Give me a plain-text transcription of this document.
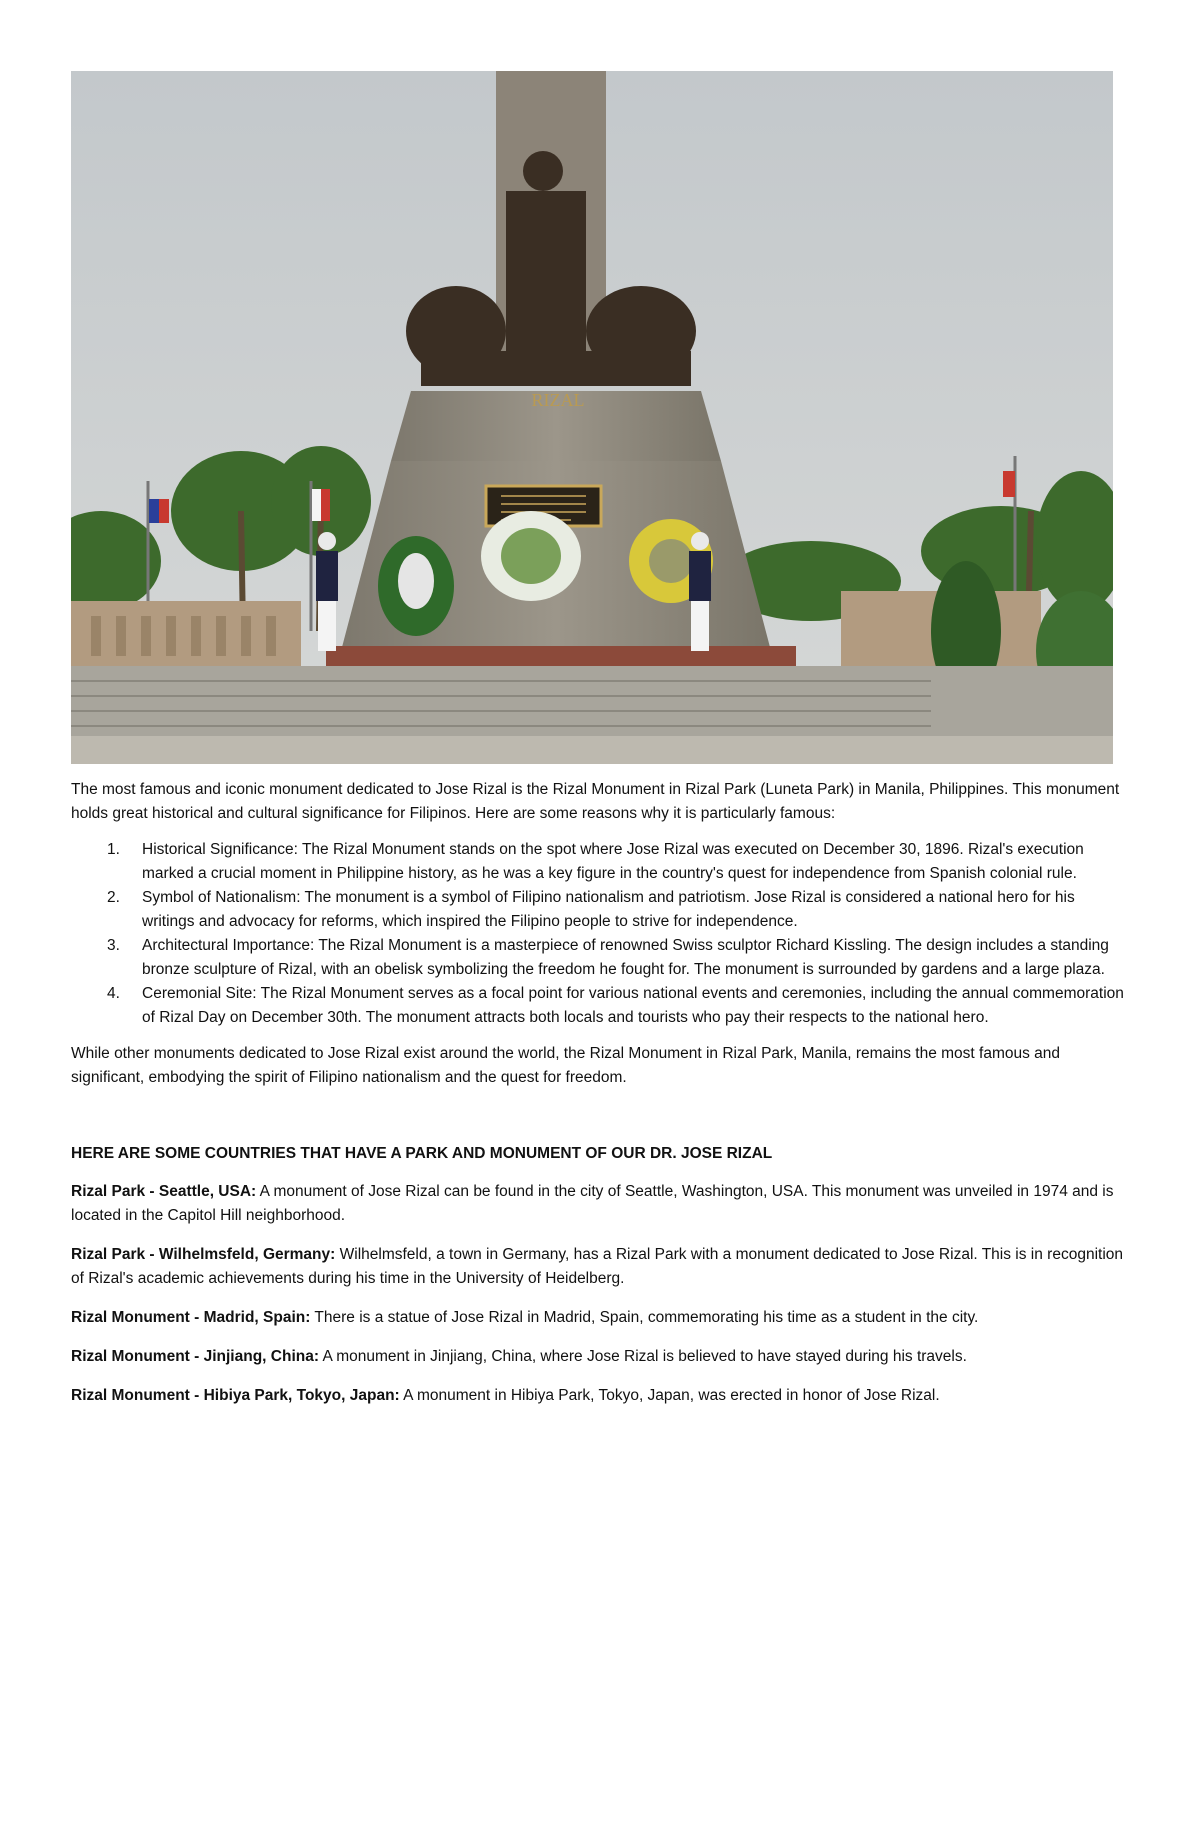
RIZAL

The most famous and iconic monument dedicated to Jose Rizal is the Rizal Monument in Rizal Park (Luneta Park) in Manila, Philippines. This monument holds great historical and cultural significance for Filipinos. Here are some reasons why it is particularly famous:

1. Historical Significance: The Rizal Monument stands on the spot where Jose Rizal was executed on December 30, 1896. Rizal's execution marked a crucial moment in Philippine history, as he was a key figure in the country's quest for independence from Spanish colonial rule.
2. Symbol of Nationalism: The monument is a symbol of Filipino nationalism and patriotism. Jose Rizal is considered a national hero for his writings and advocacy for reforms, which inspired the Filipino people to strive for independence.
3. Architectural Importance: The Rizal Monument is a masterpiece of renowned Swiss sculptor Richard Kissling. The design includes a standing bronze sculpture of Rizal, with an obelisk symbolizing the freedom he fought for. The monument is surrounded by gardens and a large plaza.
4. Ceremonial Site: The Rizal Monument serves as a focal point for various national events and ceremonies, including the annual commemoration of Rizal Day on December 30th. The monument attracts both locals and tourists who pay their respects to the national hero.

While other monuments dedicated to Jose Rizal exist around the world, the Rizal Monument in Rizal Park, Manila, remains the most famous and significant, embodying the spirit of Filipino nationalism and the quest for freedom.

HERE ARE SOME COUNTRIES THAT HAVE A PARK AND MONUMENT OF OUR DR. JOSE RIZAL

Rizal Park - Seattle, USA: A monument of Jose Rizal can be found in the city of Seattle, Washington, USA. This monument was unveiled in 1974 and is located in the Capitol Hill neighborhood.

Rizal Park - Wilhelmsfeld, Germany: Wilhelmsfeld, a town in Germany, has a Rizal Park with a monument dedicated to Jose Rizal. This is in recognition of Rizal's academic achievements during his time in the University of Heidelberg.

Rizal Monument - Madrid, Spain: There is a statue of Jose Rizal in Madrid, Spain, commemorating his time as a student in the city.

Rizal Monument - Jinjiang, China: A monument in Jinjiang, China, where Jose Rizal is believed to have stayed during his travels.

Rizal Monument - Hibiya Park, Tokyo, Japan: A monument in Hibiya Park, Tokyo, Japan, was erected in honor of Jose Rizal.
